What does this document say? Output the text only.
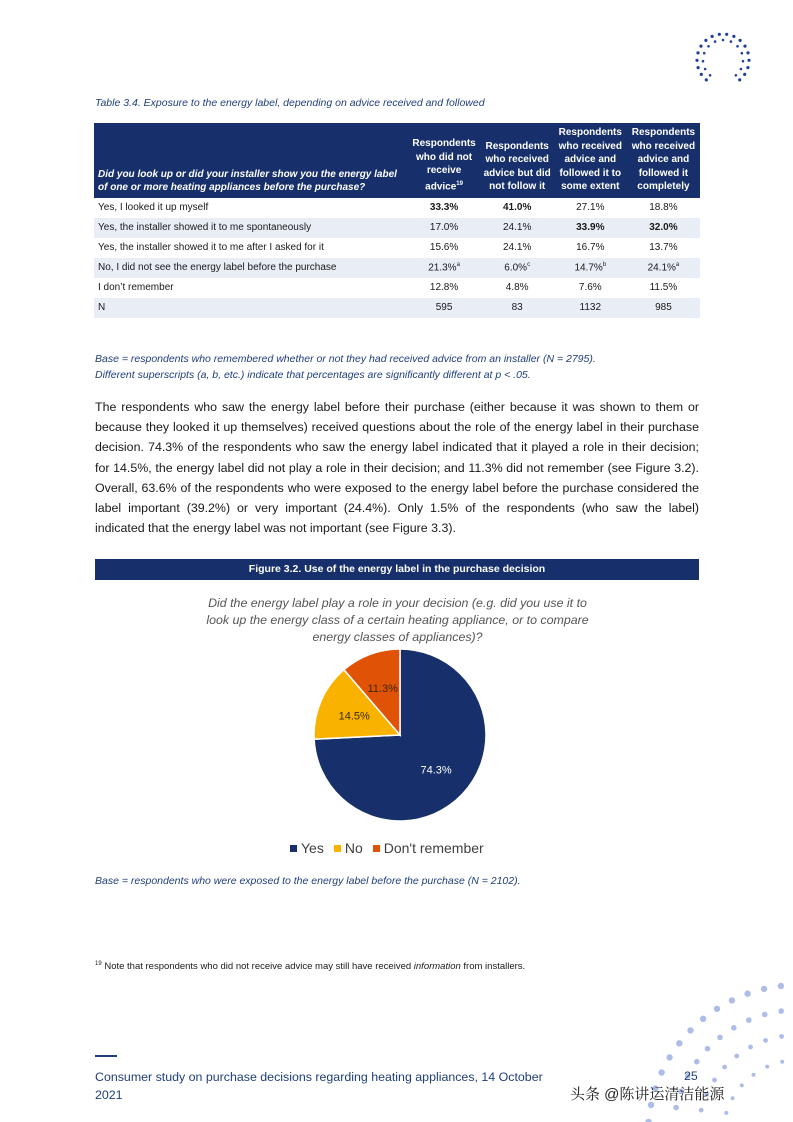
Table 3.4. Exposure to the energy label, depending on advice received and followed
Did you look up or did your installer show you the energy label of one or more heating appliances before the purchase?	Respondents who did not receive advice$^{19}$	Respondents who received advice but did not follow it	Respondents who received advice and followed it to some extent	Respondents who received advice and followed it completely
Yes, I looked it up myself	33.3%	41.0%	27.1%	18.8%
Yes, the installer showed it to me spontaneously	17.0%	24.1%	33.9%	32.0%
Yes, the installer showed it to me after I asked for it	15.6%	24.1%	16.7%	13.7%
No, I did not see the energy label before the purchase	21.3%$^a$	6.0%$^c$	14.7%$^b$	24.1%$^a$
I don’t remember	12.8%	4.8%	7.6%	11.5%
N	595	83	1132	985
Base = respondents who remembered whether or not they had received advice from an installer (N = 2795).
Different superscripts (a, b, etc.) indicate that percentages are significantly different at p < .05.

The respondents who saw the energy label before their purchase (either because it was shown to them or because they looked it up themselves) received questions about the role of the energy label in their purchase decision. 74.3% of the respondents who saw the energy label indicated that it played a role in their decision; for 14.5%, the energy label did not play a role in their decision; and 11.3% did not remember (see Figure 3.2). Overall, 63.6% of the respondents who were exposed to the energy label before the purchase considered the label important (39.2%) or very important (24.4%). Only 1.5% of the respondents (who saw the label) indicated that the energy label was not important (see Figure 3.3).

Figure 3.2. Use of the energy label in the purchase decision
Did the energy label play a role in your decision (e.g. did you use it to look up the energy class of a certain heating appliance, or to compare energy classes of appliances)?
74.3%
14.5%
11.3%
Yes No Don't remember
Base = respondents who were exposed to the energy label before the purchase (N = 2102).
$^{19}$ Note that respondents who did not receive advice may still have received information from installers.
Consumer study on purchase decisions regarding heating appliances, 14 October 2021
25
头条 @陈讲运清洁能源
